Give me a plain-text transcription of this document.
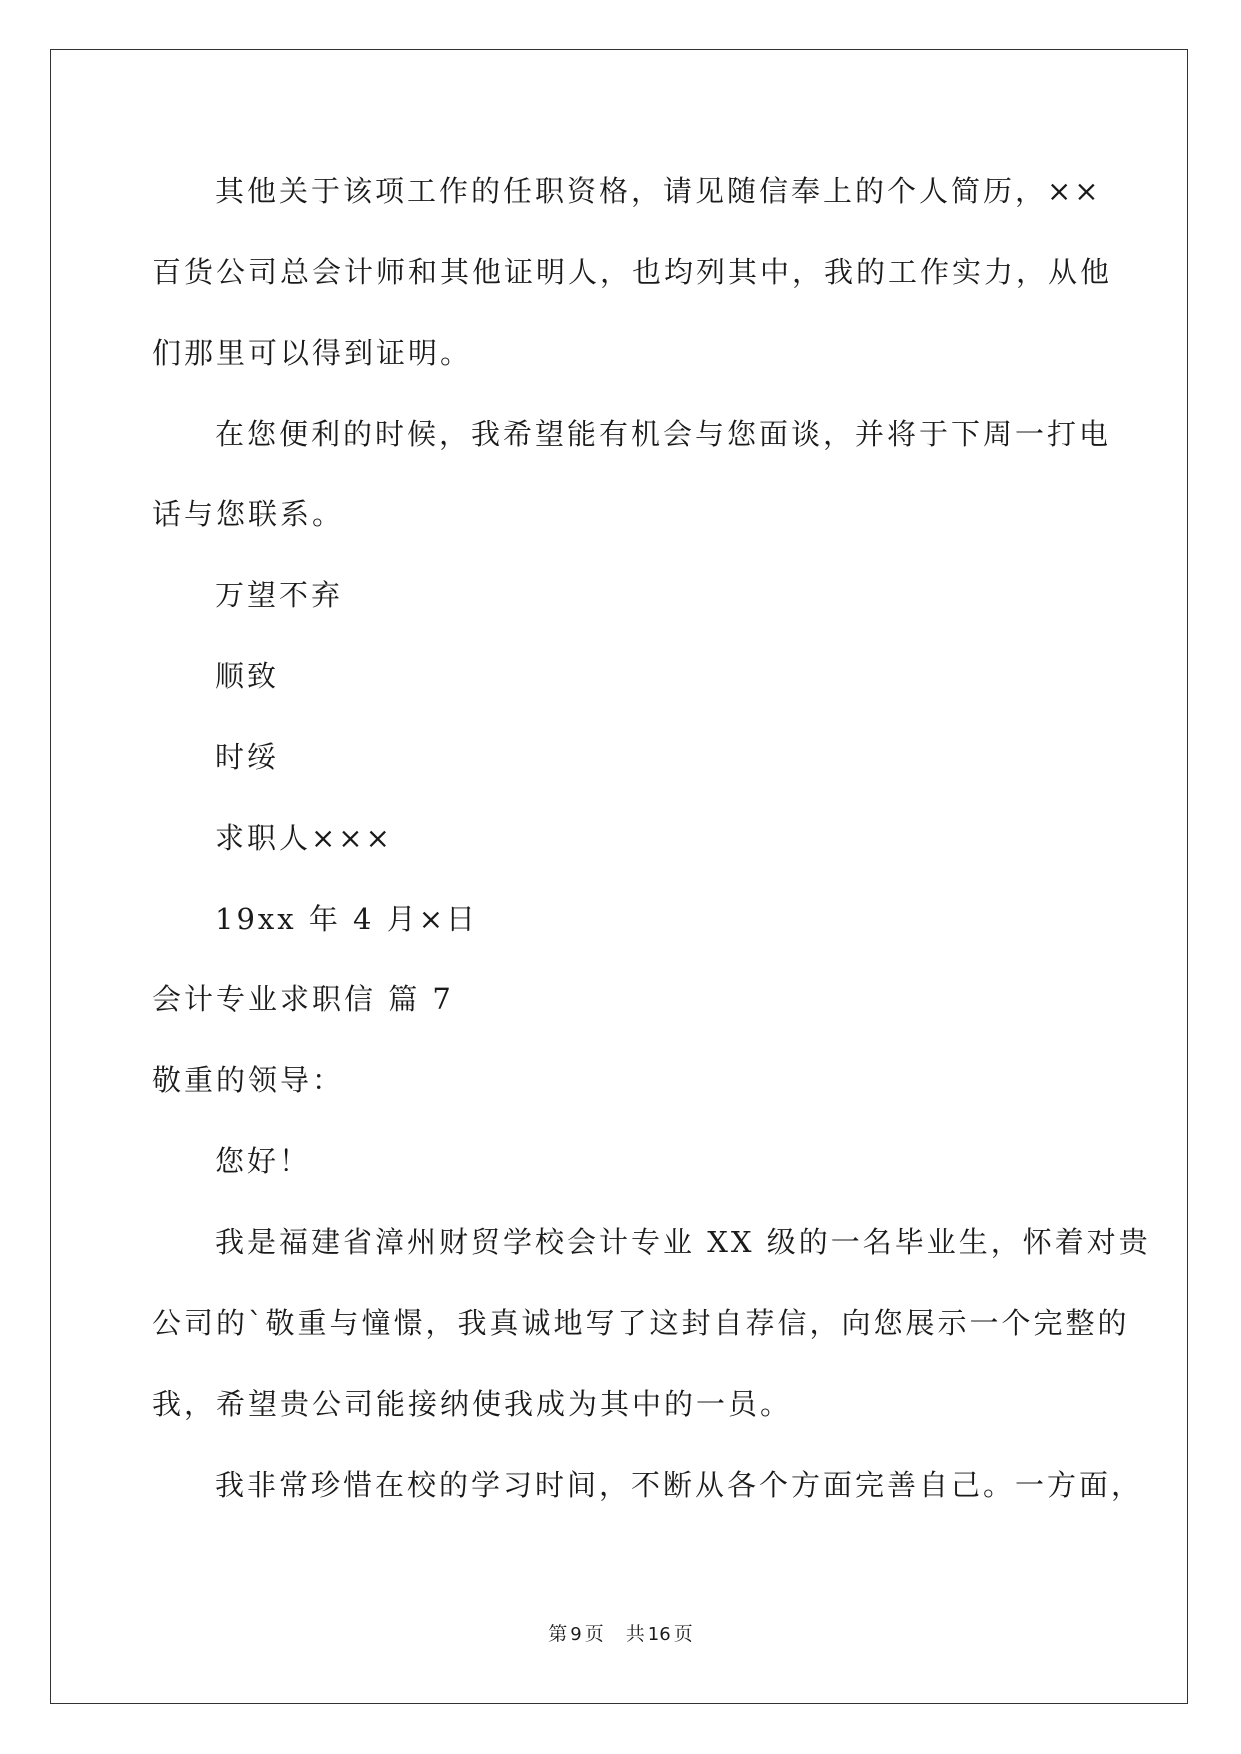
其他关于该项工作的任职资格，请见随信奉上的个人简历，××
百货公司总会计师和其他证明人，也均列其中，我的工作实力，从他
们那里可以得到证明。
在您便利的时候，我希望能有机会与您面谈，并将于下周一打电
话与您联系。
万望不弃
顺致
时绥
求职人×××
19xx 年 4 月×日
会计专业求职信 篇 7
敬重的领导：
您好！
我是福建省漳州财贸学校会计专业 XX 级的一名毕业生，怀着对贵
公司的`敬重与憧憬，我真诚地写了这封自荐信，向您展示一个完整的
我，希望贵公司能接纳使我成为其中的一员。
我非常珍惜在校的学习时间，不断从各个方面完善自己。一方面，
第 9 页 共 16 页
